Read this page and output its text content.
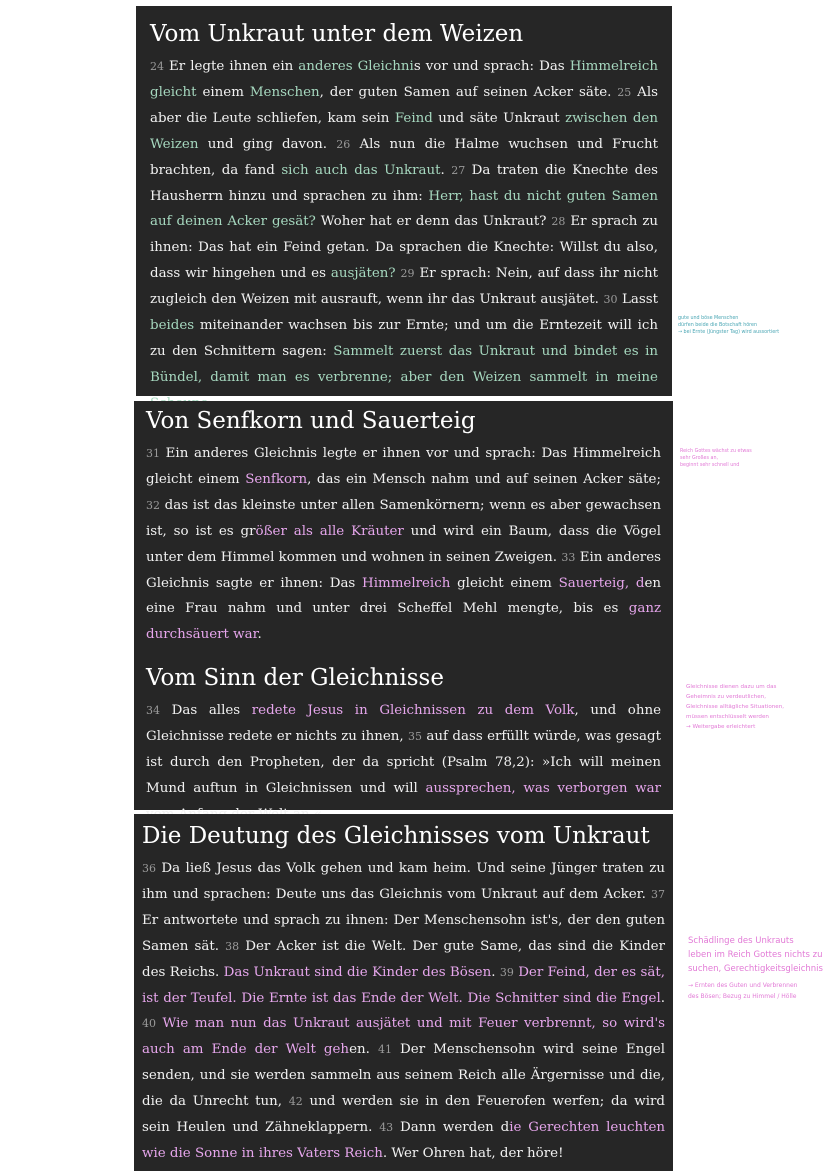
Vom Unkraut unter dem Weizen

24 Er legte ihnen ein anderes Gleichnis vor und sprach: Das Himmelreich gleicht einem Menschen, der guten Samen auf seinen Acker säte. 25 Als aber die Leute schliefen, kam sein Feind und säte Unkraut zwischen den Weizen und ging davon. 26 Als nun die Halme wuchsen und Frucht brachten, da fand sich auch das Unkraut. 27 Da traten die Knechte des Hausherrn hinzu und sprachen zu ihm: Herr, hast du nicht guten Samen auf deinen Acker gesät? Woher hat er denn das Unkraut? 28 Er sprach zu ihnen: Das hat ein Feind getan. Da sprachen die Knechte: Willst du also, dass wir hingehen und es ausjäten? 29 Er sprach: Nein, auf dass ihr nicht zugleich den Weizen mit ausrauft, wenn ihr das Unkraut ausjätet. 30 Lasst beides miteinander wachsen bis zur Ernte; und um die Erntezeit will ich zu den Schnittern sagen: Sammelt zuerst das Unkraut und bindet es in Bündel, damit man es verbrenne; aber den Weizen sammelt in meine

Von Senfkorn und Sauerteig

31 Ein anderes Gleichnis legte er ihnen vor und sprach: Das Himmelreich gleicht einem Senfkorn, das ein Mensch nahm und auf seinen Acker säte; 32 das ist das kleinste unter allen Samenkörnern; wenn es aber gewachsen ist, so ist es größer als alle Kräuter und wird ein Baum, dass die Vögel unter dem Himmel kommen und wohnen in seinen Zweigen. 33 Ein anderes Gleichnis sagte er ihnen: Das Himmelreich gleicht einem Sauerteig, den eine Frau nahm und unter drei Scheffel Mehl mengte, bis es ganz durchsäuert war.

Vom Sinn der Gleichnisse

34 Das alles redete Jesus in Gleichnissen zu dem Volk, und ohne Gleichnisse redete er nichts zu ihnen, 35 auf dass erfüllt würde, was gesagt ist durch den Propheten, der da spricht (Psalm 78,2): »Ich will meinen Mund auftun in Gleichnissen und will aussprechen, was verborgen war

Die Deutung des Gleichnisses vom Unkraut

36 Da ließ Jesus das Volk gehen und kam heim. Und seine Jünger traten zu ihm und sprachen: Deute uns das Gleichnis vom Unkraut auf dem Acker. 37 Er antwortete und sprach zu ihnen: Der Menschensohn ist's, der den guten Samen sät. 38 Der Acker ist die Welt. Der gute Same, das sind die Kinder des Reichs. Das Unkraut sind die Kinder des Bösen. 39 Der Feind, der es sät, ist der Teufel. Die Ernte ist das Ende der Welt. Die Schnitter sind die Engel. 40 Wie man nun das Unkraut ausjätet und mit Feuer verbrennt, so wird's auch am Ende der Welt gehen. 41 Der Menschensohn wird seine Engel senden, und sie werden sammeln aus seinem Reich alle Ärgernisse und die, die da Unrecht tun, 42 und werden sie in den Feuerofen werfen; da wird sein Heulen und Zähneklappern. 43 Dann werden die Gerechten leuchten wie die Sonne in ihres Vaters Reich. Wer Ohren hat, der höre!

gute und böse Menschen
dürfen beide die Botschaft hören
→ bei Ernte (Jüngster Tag) wird aussortiert
Reich Gottes wächst zu etwas
sehr Großes an,
beginnt sehr schnell und
Gleichnisse dienen dazu um das
Geheimnis zu verdeutlichen,
Gleichnisse alltägliche Situationen,
müssen entschlüsselt werden
→ Weitergabe erleichtert
Schädlinge des Unkrauts
leben im Reich Gottes nichts zu
suchen, Gerechtigkeitsgleichnis
→ Ernten des Guten und Verbrennen
des Bösen; Bezug zu Himmel / Hölle
